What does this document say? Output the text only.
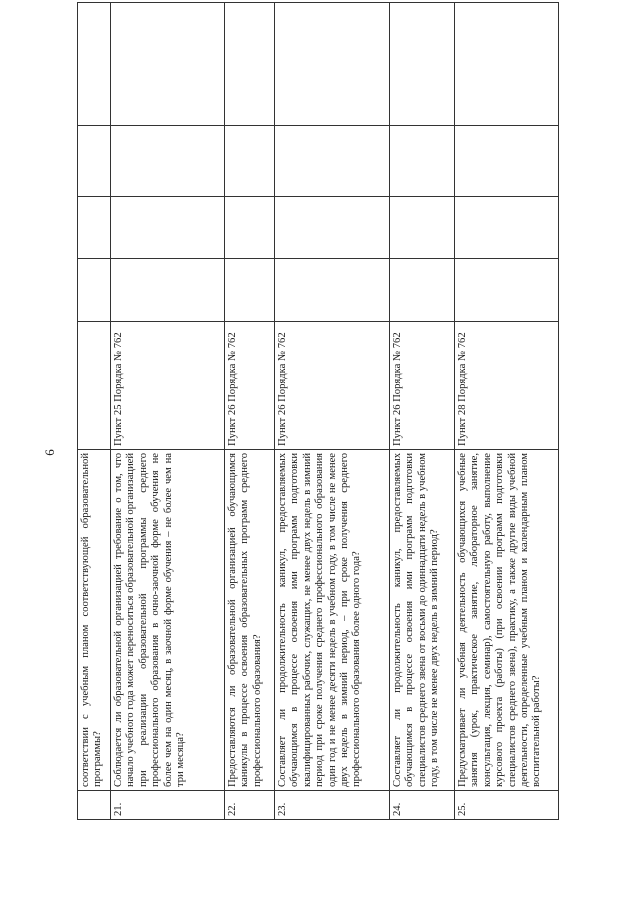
6
	соответствии с учебным планом соответствующей образовательной программы?					
21.	Соблюдается ли образовательной организацией требование о том, что начало учебного года может переноситься образовательной организацией при реализации образовательной программы среднего профессионального образования в очно-заочной форме обучения не более чем на один месяц, в заочной форме обучения – не более чем на три месяца?	Пункт 25 Порядка № 762				
22.	Предоставляются ли образовательной организацией обучающимся каникулы в процессе освоения образовательных программ среднего профессионального образования?	Пункт 26 Порядка № 762				
23.	Составляет ли продолжительность каникул, предоставляемых обучающимся в процессе освоения ими программ подготовки квалифицированных рабочих, служащих, не менее двух недель в зимний период при сроке получения среднего профессионального образования один год и не менее десяти недель в учебном году, в том числе не менее двух недель в зимний период, – при сроке получения среднего профессионального образования более одного года?	Пункт 26 Порядка № 762				
24.	Составляет ли продолжительность каникул, предоставляемых обучающимся в процессе освоения ими программ подготовки специалистов среднего звена от восьми до одиннадцати недель в учебном году, в том числе не менее двух недель в зимний период?	Пункт 26 Порядка № 762				
25.	Предусматривает ли учебная деятельность обучающихся учебные занятия (урок, практическое занятие, лабораторное занятие, консультация, лекция, семинар), самостоятельную работу, выполнение курсового проекта (работы) (при освоении программ подготовки специалистов среднего звена), практику, а также другие виды учебной деятельности, определенные учебным планом и календарным планом воспитательной работы?	Пункт 28 Порядка № 762				
